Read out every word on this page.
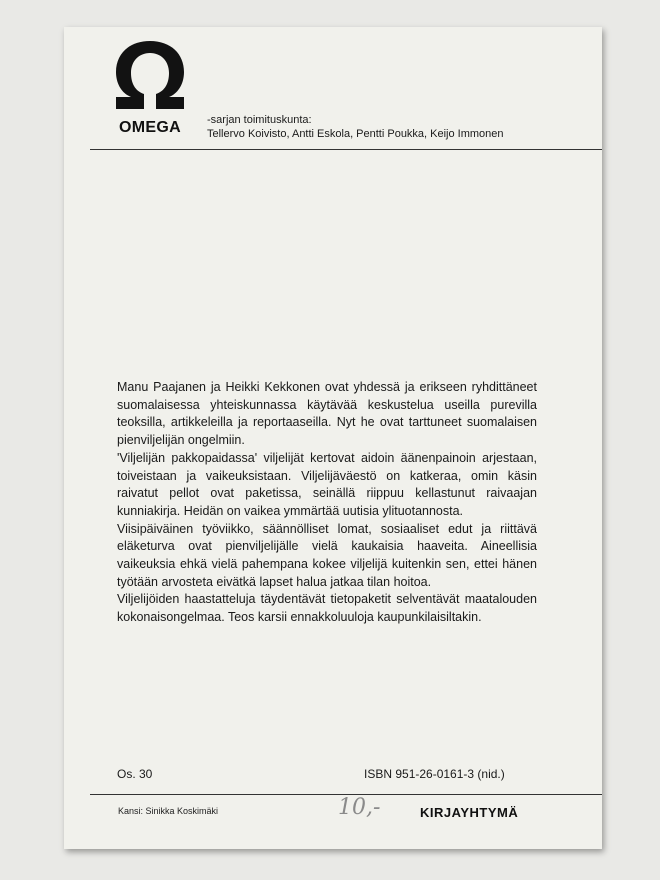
OMEGA	-sarjan toimituskunta:
Tellervo Koivisto, Antti Eskola, Pentti Poukka, Keijo Immonen

Manu Paajanen ja Heikki Kekkonen ovat yhdessä ja erikseen ryhdittäneet suomalaisessa yhteiskunnassa käytävää keskustelua useilla purevilla teoksilla, artikkeleilla ja reportaaseilla. Nyt he ovat tarttuneet suomalaisen pienviljelijän ongelmiin.

'Viljelijän pakkopaidassa' viljelijät kertovat aidoin äänenpainoin arjestaan, toiveistaan ja vaikeuksistaan. Viljelijäväestö on katkeraa, omin käsin raivatut pellot ovat paketissa, seinällä riippuu kellastunut raivaajan kunniakirja. Heidän on vaikea ymmärtää uutisia ylituotannosta.

Viisipäiväinen työviikko, säännölliset lomat, sosiaaliset edut ja riittävä eläketurva ovat pienviljelijälle vielä kaukaisia haaveita. Aineellisia vaikeuksia ehkä vielä pahempana kokee viljelijä kuitenkin sen, ettei hänen työtään arvosteta eivätkä lapset halua jatkaa tilan hoitoa.

Viljelijöiden haastatteluja täydentävät tietopaketit selventävät maatalouden kokonaisongelmaa. Teos karsii ennakkoluuloja kaupunkilaisiltakin.

Os. 30	ISBN 951-26-0161-3 (nid.)
Kansi: Sinikka Koskimäki	10,-	KIRJAYHTYMÄ
